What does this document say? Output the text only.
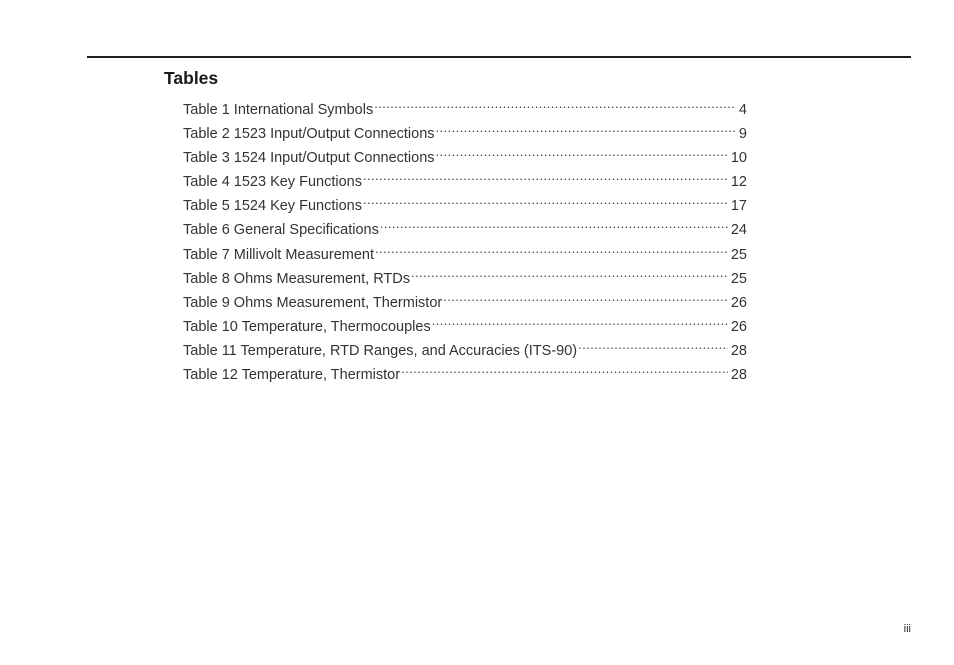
Tables
Table 1 International Symbols .....	4
Table 2 1523 Input/Output Connections .....	9
Table 3 1524 Input/Output Connections .....	10
Table 4 1523 Key Functions .....	12
Table 5 1524 Key Functions .....	17
Table 6 General Specifications .....	24
Table 7 Millivolt Measurement .....	25
Table 8 Ohms Measurement, RTDs .....	25
Table 9 Ohms Measurement, Thermistor .....	26
Table 10 Temperature, Thermocouples .....	26
Table 11 Temperature, RTD Ranges, and Accuracies (ITS-90) .....	28
Table 12 Temperature, Thermistor .....	28
iii
